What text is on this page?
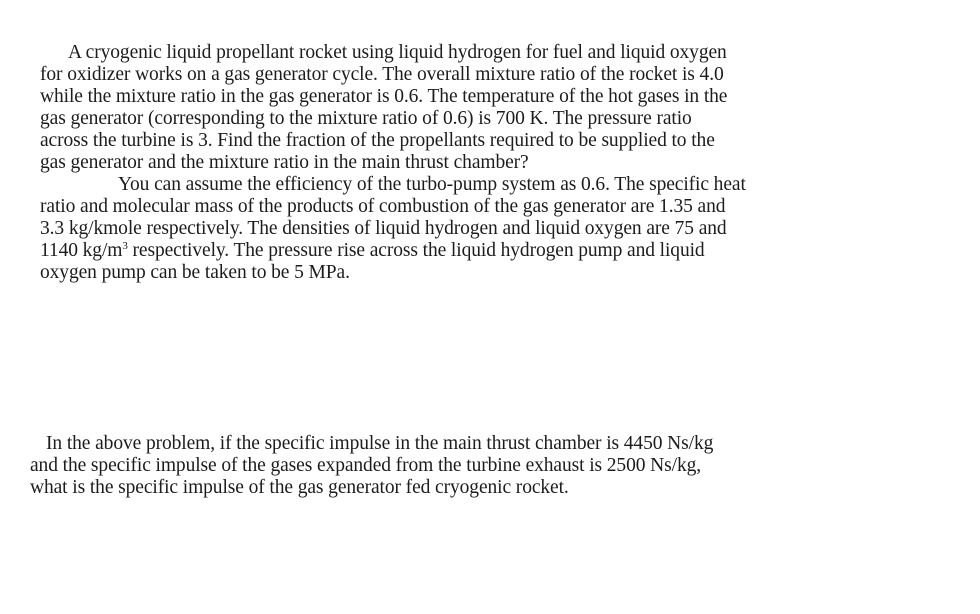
A cryogenic liquid propellant rocket using liquid hydrogen for fuel and liquid oxygen
for oxidizer works on a gas generator cycle. The overall mixture ratio of the rocket is 4.0
while the mixture ratio in the gas generator is 0.6. The temperature of the hot gases in the
gas generator (corresponding to the mixture ratio of 0.6) is 700 K. The pressure ratio
across the turbine is 3. Find the fraction of the propellants required to be supplied to the
gas generator and the mixture ratio in the main thrust chamber?
You can assume the efficiency of the turbo-pump system as 0.6. The specific heat
ratio and molecular mass of the products of combustion of the gas generator are 1.35 and
3.3 kg/kmole respectively. The densities of liquid hydrogen and liquid oxygen are 75 and
1140 $kg/m^3$ respectively. The pressure rise across the liquid hydrogen pump and liquid
oxygen pump can be taken to be 5 MPa.
In the above problem, if the specific impulse in the main thrust chamber is 4450 Ns/kg
and the specific impulse of the gases expanded from the turbine exhaust is 2500 Ns/kg,
what is the specific impulse of the gas generator fed cryogenic rocket.
